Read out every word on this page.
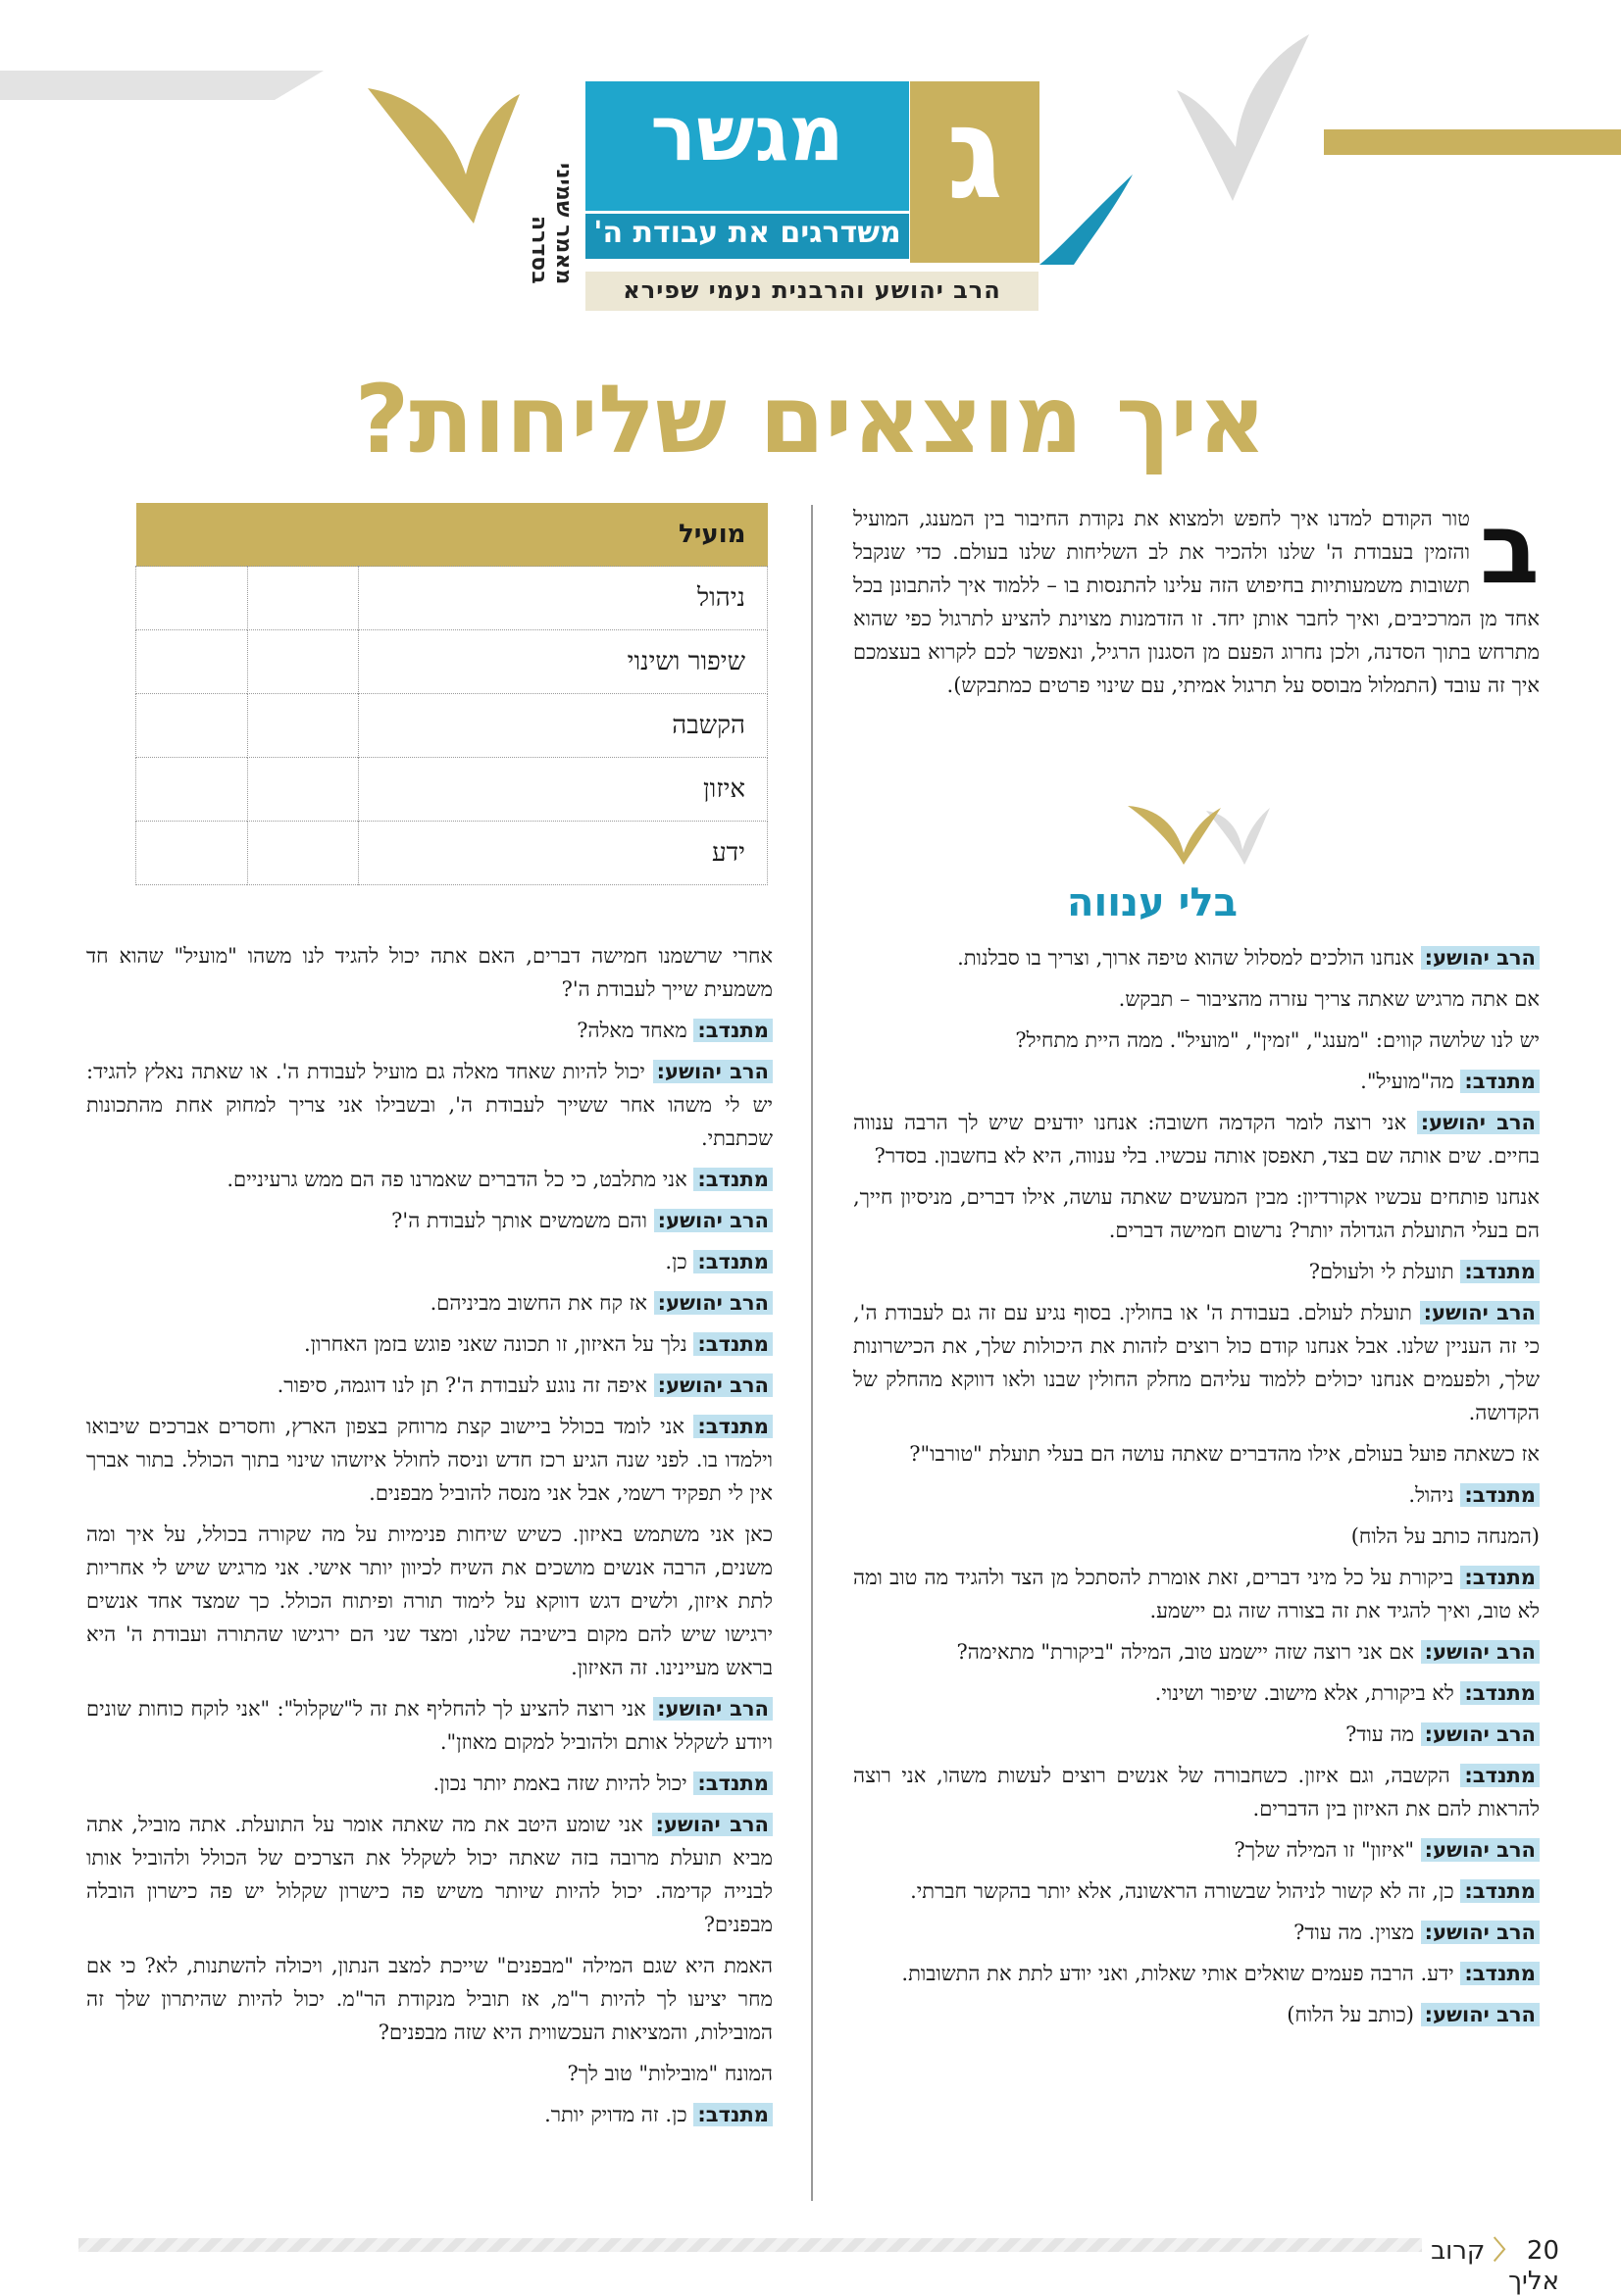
ג
מגשר
משדרגים את עבודת ה'
הרב יהושע והרבנית נעמי שפירא
מאמר שמיני בסדרה
איך מוצאים שליחות?

ב
טור הקודם למדנו איך לחפש ולמצוא את נקודת החיבור בין המענג, המועיל והזמין בעבודת ה' שלנו ולהכיר את לב השליחות שלנו בעולם. כדי שנקבל תשובות משמעותיות בחיפוש הזה עלינו להתנסות בו – ללמוד איך להתבונן בכל אחד מן המרכיבים, ואיך לחבר אותן יחד. זו הזדמנות מצוינת להציע לתרגול כפי שהוא מתרחש בתוך הסדנה, ולכן נחרוג הפעם מן הסגנון הרגיל, ונאפשר לכם לקרוא בעצמכם איך זה עובד (התמלול מבוסס על תרגול אמיתי, עם שינוי פרטים כמתבקש).

בלי ענווה

הרב יהושע: אנחנו הולכים למסלול שהוא טיפה ארוך, וצריך בו סבלנות.

אם אתה מרגיש שאתה צריך עזרה מהציבור – תבקש.

יש לנו שלושה קווים: "מענג", "זמין", "מועיל". ממה היית מתחיל?

מתנדב: מה"מועיל".

הרב יהושע: אני רוצה לומר הקדמה חשובה: אנחנו יודעים שיש לך הרבה ענווה בחיים. שים אותה שם בצד, תאפסן אותה עכשיו. בלי ענווה, היא לא בחשבון. בסדר?

אנחנו פותחים עכשיו אקורדיון: מבין המעשים שאתה עושה, אילו דברים, מניסיון חייך, הם בעלי התועלת הגדולה יותר? נרשום חמישה דברים.

מתנדב: תועלת לי ולעולם?

הרב יהושע: תועלת לעולם. בעבודת ה' או בחולין. בסוף נגיע עם זה גם לעבודת ה', כי זה העניין שלנו. אבל אנחנו קודם כול רוצים לזהות את היכולות שלך, את הכישרונות שלך, ולפעמים אנחנו יכולים ללמוד עליהם מחלק החולין שבנו ולאו דווקא מהחלק של הקדושה.

אז כשאתה פועל בעולם, אילו מהדברים שאתה עושה הם בעלי תועלת "טורבו"?

מתנדב: ניהול.

(המנחה כותב על הלוח)

מתנדב: ביקורת על כל מיני דברים, זאת אומרת להסתכל מן הצד ולהגיד מה טוב ומה לא טוב, ואיך להגיד את זה בצורה שזה גם יישמע.

הרב יהושע: אם אני רוצה שזה יישמע טוב, המילה "ביקורת" מתאימה?

מתנדב: לא ביקורת, אלא מישוב. שיפור ושינוי.

הרב יהושע: מה עוד?

מתנדב: הקשבה, וגם איזון. כשחבורה של אנשים רוצים לעשות משהו, אני רוצה להראות להם את האיזון בין הדברים.

הרב יהושע: "איזון" זו המילה שלך?

מתנדב: כן, זה לא קשור לניהול שבשורה הראשונה, אלא יותר בהקשר חברתי.

הרב יהושע: מצוין. מה עוד?

מתנדב: ידע. הרבה פעמים שואלים אותי שאלות, ואני יודע לתת את התשובות.

הרב יהושע: (כותב על הלוח)

מועיל		
ניהול		
שיפור ושינוי		
הקשבה		
איזון		
ידע		

אחרי שרשמנו חמישה דברים, האם אתה יכול להגיד לנו משהו "מועיל" שהוא חד משמעית שייך לעבודת ה'?

מתנדב: מאחד מאלה?

הרב יהושע: יכול להיות שאחד מאלה גם מועיל לעבודת ה'. או שאתה נאלץ להגיד: יש לי משהו אחר ששייך לעבודת ה', ובשבילו אני צריך למחוק אחת מהתכונות שכתבתי.

מתנדב: אני מתלבט, כי כל הדברים שאמרנו פה הם ממש גרעיניים.

הרב יהושע: והם משמשים אותך לעבודת ה'?

מתנדב: כן.

הרב יהושע: אז קח את החשוב מביניהם.

מתנדב: נלך על האיזון, זו תכונה שאני פוגש בזמן האחרון.

הרב יהושע: איפה זה נוגע לעבודת ה'? תן לנו דוגמה, סיפור.

מתנדב: אני לומד בכולל ביישוב קצת מרוחק בצפון הארץ, וחסרים אברכים שיבואו וילמדו בו. לפני שנה הגיע רכז חדש וניסה לחולל איזשהו שינוי בתוך הכולל. בתור אברך אין לי תפקיד רשמי, אבל אני מנסה להוביל מבפנים.

כאן אני משתמש באיזון. כשיש שיחות פנימיות על מה שקורה בכולל, על איך ומה משנים, הרבה אנשים מושכים את השיח לכיוון יותר אישי. אני מרגיש שיש לי אחריות לתת איזון, ולשים דגש דווקא על לימוד תורה ופיתוח הכולל. כך שמצד אחד אנשים ירגישו שיש להם מקום בישיבה שלנו, ומצד שני הם ירגישו שהתורה ועבודת ה' היא בראש מעיינינו. זה האיזון.

הרב יהושע: אני רוצה להציע לך להחליף את זה ל"שקלול": "אני לוקח כוחות שונים ויודע לשקלל אותם ולהוביל למקום מאוזן".

מתנדב: יכול להיות שזה באמת יותר נכון.

הרב יהושע: אני שומע היטב את מה שאתה אומר על התועלת. אתה מוביל, אתה מביא תועלת מרובה בזה שאתה יכול לשקלל את הצרכים של הכולל ולהוביל אותו לבנייה קדימה. יכול להיות שיותר משיש פה כישרון שקלול יש פה כישרון הובלה מבפנים?

האמת היא שגם המילה "מבפנים" שייכת למצב הנתון, ויכולה להשתנות, לא? כי אם מחר יציעו לך להיות ר"מ, אז תוביל מנקודת הר"מ. יכול להיות שהיתרון שלך זה המובילות, והמציאות העכשווית היא שזה מבפנים?

המונח "מובילות" טוב לך?

מתנדב: כן. זה מדויק יותר.

20 〈 קרוב אליך
